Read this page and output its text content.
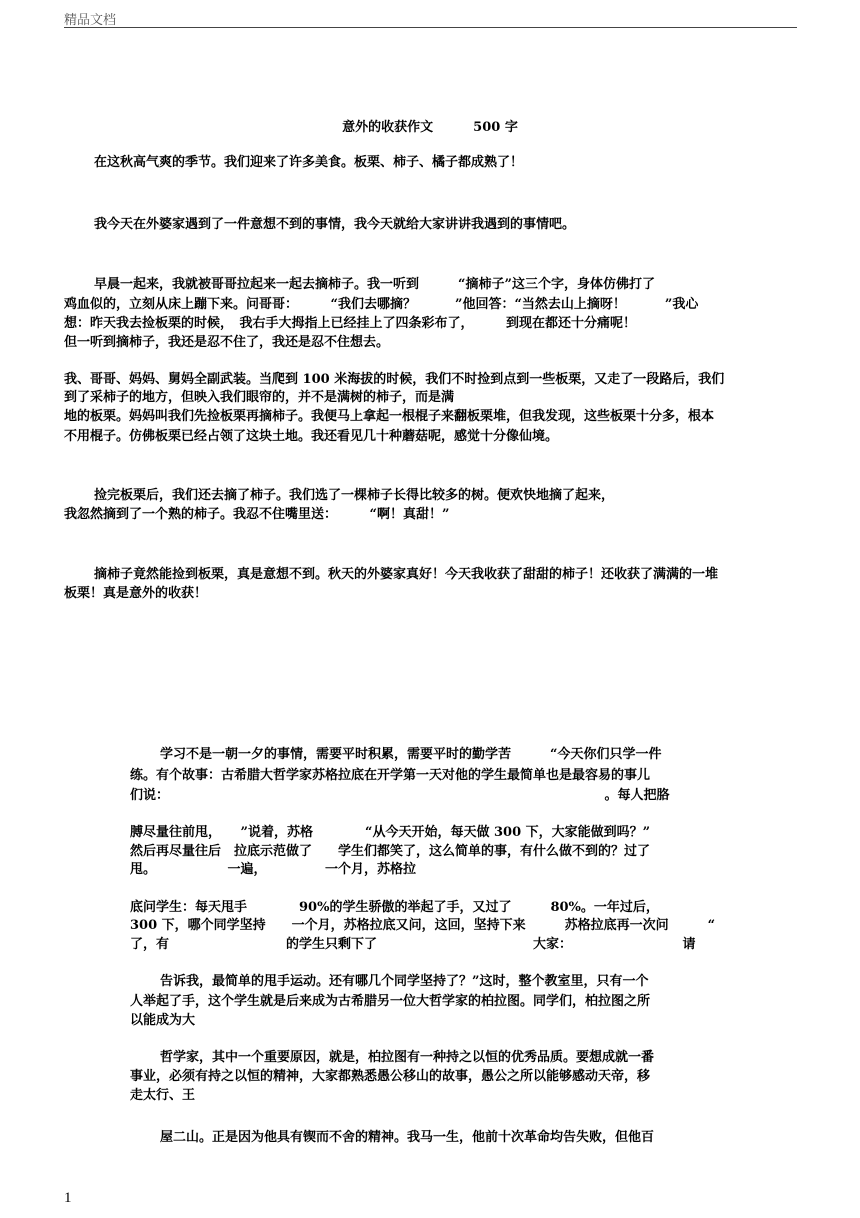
精品文档
意外的收获作文	500 字
在这秋高气爽的季节。我们迎来了许多美食。板栗、柿子、橘子都成熟了！
我今天在外婆家遇到了一件意想不到的事情，我今天就给大家讲讲我遇到的事情吧。
早晨一起来，我就被哥哥拉起来一起去摘柿子。我一听到　　　“摘柿子”这三个字，身体仿佛打了
鸡血似的，立刻从床上蹦下来。问哥哥：　　　“我们去哪摘？　　　”他回答：“当然去山上摘呀！　　　”我心
想：昨天我去捡板栗的时候，　我右手大拇指上已经挂上了四条彩布了，　　　到现在都还十分痛呢！
但一听到摘柿子，我还是忍不住了，我还是忍不住想去。
我、哥哥、妈妈、舅妈全副武装。当爬到 100 米海拔的时候，我们不时捡到点到一些板栗，又走了一段路后，我们
到了采柿子的地方，但映入我们眼帘的，并不是满树的柿子，而是满
地的板栗。妈妈叫我们先捡板栗再摘柿子。我便马上拿起一根棍子来翻板栗堆，但我发现，这些板栗十分多，根本
不用棍子。仿佛板栗已经占领了这块土地。我还看见几十种蘑菇呢，感觉十分像仙境。
捡完板栗后，我们还去摘了柿子。我们选了一棵柿子长得比较多的树。便欢快地摘了起来，
我忽然摘到了一个熟的柿子。我忍不住嘴里送：　　　“啊！真甜！”
摘柿子竟然能捡到板栗，真是意想不到。秋天的外婆家真好！今天我收获了甜甜的柿子！还收获了满满的一堆
板栗！真是意外的收获！
学习不是一朝一夕的事情，需要平时积累，需要平时的勤学苦　　　“今天你们只学一件
练。有个故事：古希腊大哲学家苏格拉底在开学第一天对他的学生最简单也是最容易的事儿
们说：　　　　　　　　　　　　　　　　　　　　　　　　　　　　　　　　　　。每人把胳
膊尽量往前甩，　　”说着，苏格　　　　“从今天开始，每天做 300 下，大家能做到吗？”
然后再尽量往后　拉底示范做了　　学生们都笑了，这么简单的事，有什么做不到的？过了
甩。　　　　　　一遍，　　　　　一个月，苏格拉
底问学生：每天甩手　　　　90%的学生骄傲的举起了手，又过了　　　80%。一年过后，
300 下，哪个同学坚持　　一个月，苏格拉底又问，这回，坚持下来　　　苏格拉底再一次问　　　“
了，有　　　　　　　　　的学生只剩下了　　　　　　　　　　　　大家：　　　　　　　　　请
告诉我，最简单的甩手运动。还有哪几个同学坚持了？”这时，整个教室里，只有一个
人举起了手，这个学生就是后来成为古希腊另一位大哲学家的柏拉图。同学们，柏拉图之所
以能成为大
哲学家，其中一个重要原因，就是，柏拉图有一种持之以恒的优秀品质。要想成就一番
事业，必须有持之以恒的精神，大家都熟悉愚公移山的故事，愚公之所以能够感动天帝，移
走太行、王
屋二山。正是因为他具有锲而不舍的精神。我马一生，他前十次革命均告失败，但他百
1
